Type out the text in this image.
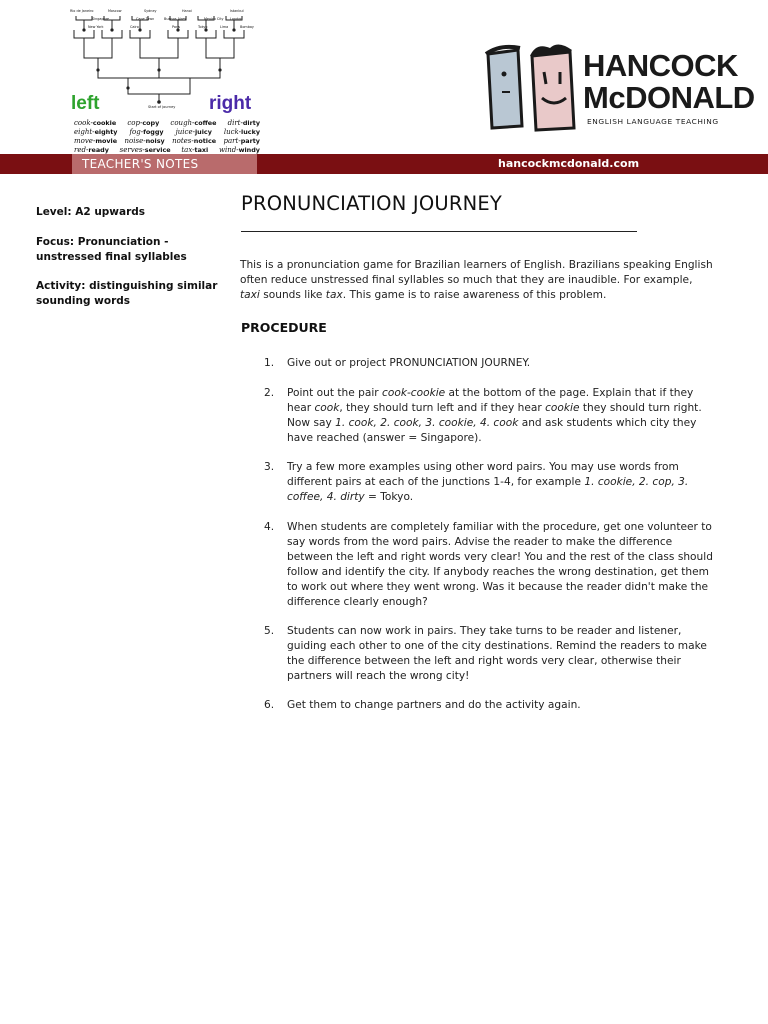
Rio de Janeiro	Moscow	Sydney	Hanoi
Mexico City
Istanbul
Singapore
New York
Cape Town
Cairo	Paris
Buenos Aires
Tokyo	Lima
London
Bombay
left	Start of journey right
cook-cookie cop-copy cough-coffee dirt-dirty
eight-eighty fog-foggy juice-juicy luck-lucky
move-movie noise-noisy notes-notice part-party
red-ready serves-service tax-taxi wind-windy
HANCOCK
McDONALD
ENGLISH LANGUAGE TEACHING
TEACHER'S NOTES	hancockmcdonald.com
Level: A2 upwards
Focus: Pronunciation - unstressed final syllables
Activity: distinguishing similar sounding words
PRONUNCIATION JOURNEY
This is a pronunciation game for Brazilian learners of English. Brazilians speaking English often reduce unstressed final syllables so much that they are inaudible. For example, taxi sounds like tax. This game is to raise awareness of this problem.
PROCEDURE
1.	Give out or project PRONUNCIATION JOURNEY.
2.	Point out the pair cook-cookie at the bottom of the page. Explain that if they hear cook, they should turn left and if they hear cookie they should turn right. Now say 1. cook, 2. cook, 3. cookie, 4. cook and ask students which city they have reached (answer = Singapore).
3.	Try a few more examples using other word pairs. You may use words from different pairs at each of the junctions 1-4, for example 1. cookie, 2. cop, 3. coffee, 4. dirty = Tokyo.
4.	When students are completely familiar with the procedure, get one volunteer to say words from the word pairs. Advise the reader to make the difference between the left and right words very clear! You and the rest of the class should follow and identify the city. If anybody reaches the wrong destination, get them to work out where they went wrong. Was it because the reader didn't make the difference clearly enough?
5.	Students can now work in pairs. They take turns to be reader and listener, guiding each other to one of the city destinations. Remind the readers to make the difference between the left and right words very clear, otherwise their partners will reach the wrong city!
6.	Get them to change partners and do the activity again.
